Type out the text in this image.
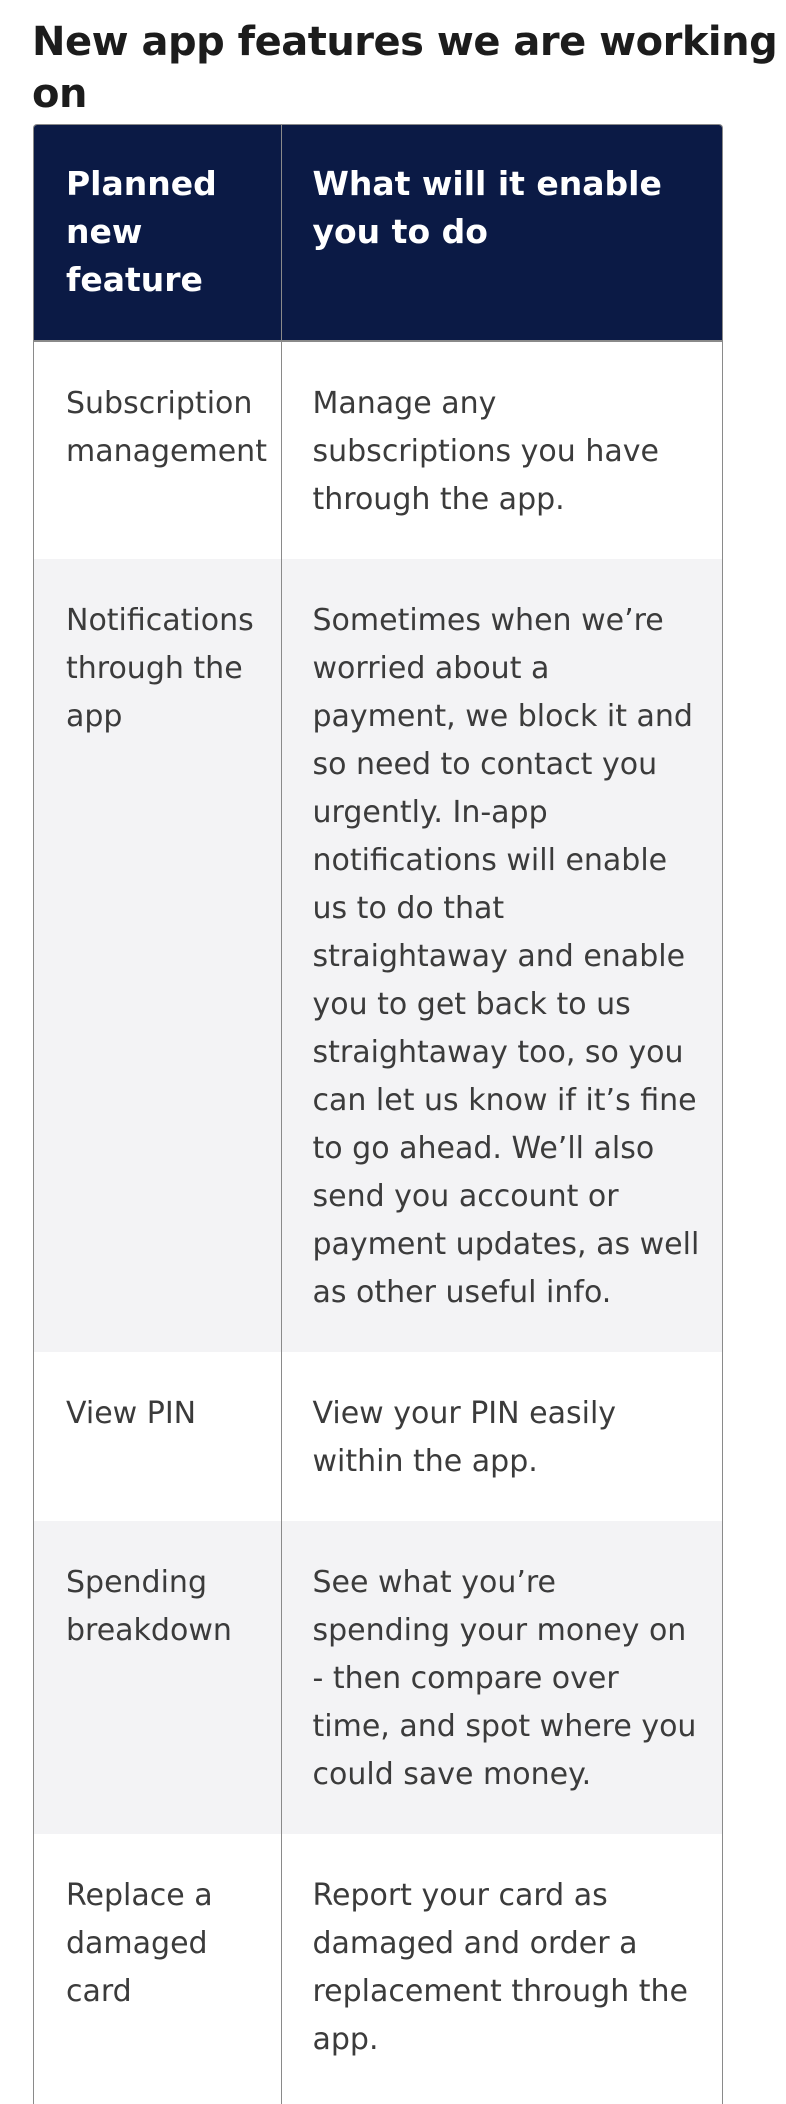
New app features we are working on
Planned new feature	What will it enable you to do
Subscription management	Manage any subscriptions you have through the app.
Notifications through the app	Sometimes when we’re worried about a payment, we block it and so need to contact you urgently. In-app notifications will enable us to do that straightaway and enable you to get back to us straightaway too, so you can let us know if it’s fine to go ahead. We’ll also send you account or payment updates, as well as other useful info.
View PIN	View your PIN easily within the app.
Spending breakdown	See what you’re spending your money on - then compare over time, and spot where you could save money.
Replace a damaged card	Report your card as damaged and order a replacement through the app.
